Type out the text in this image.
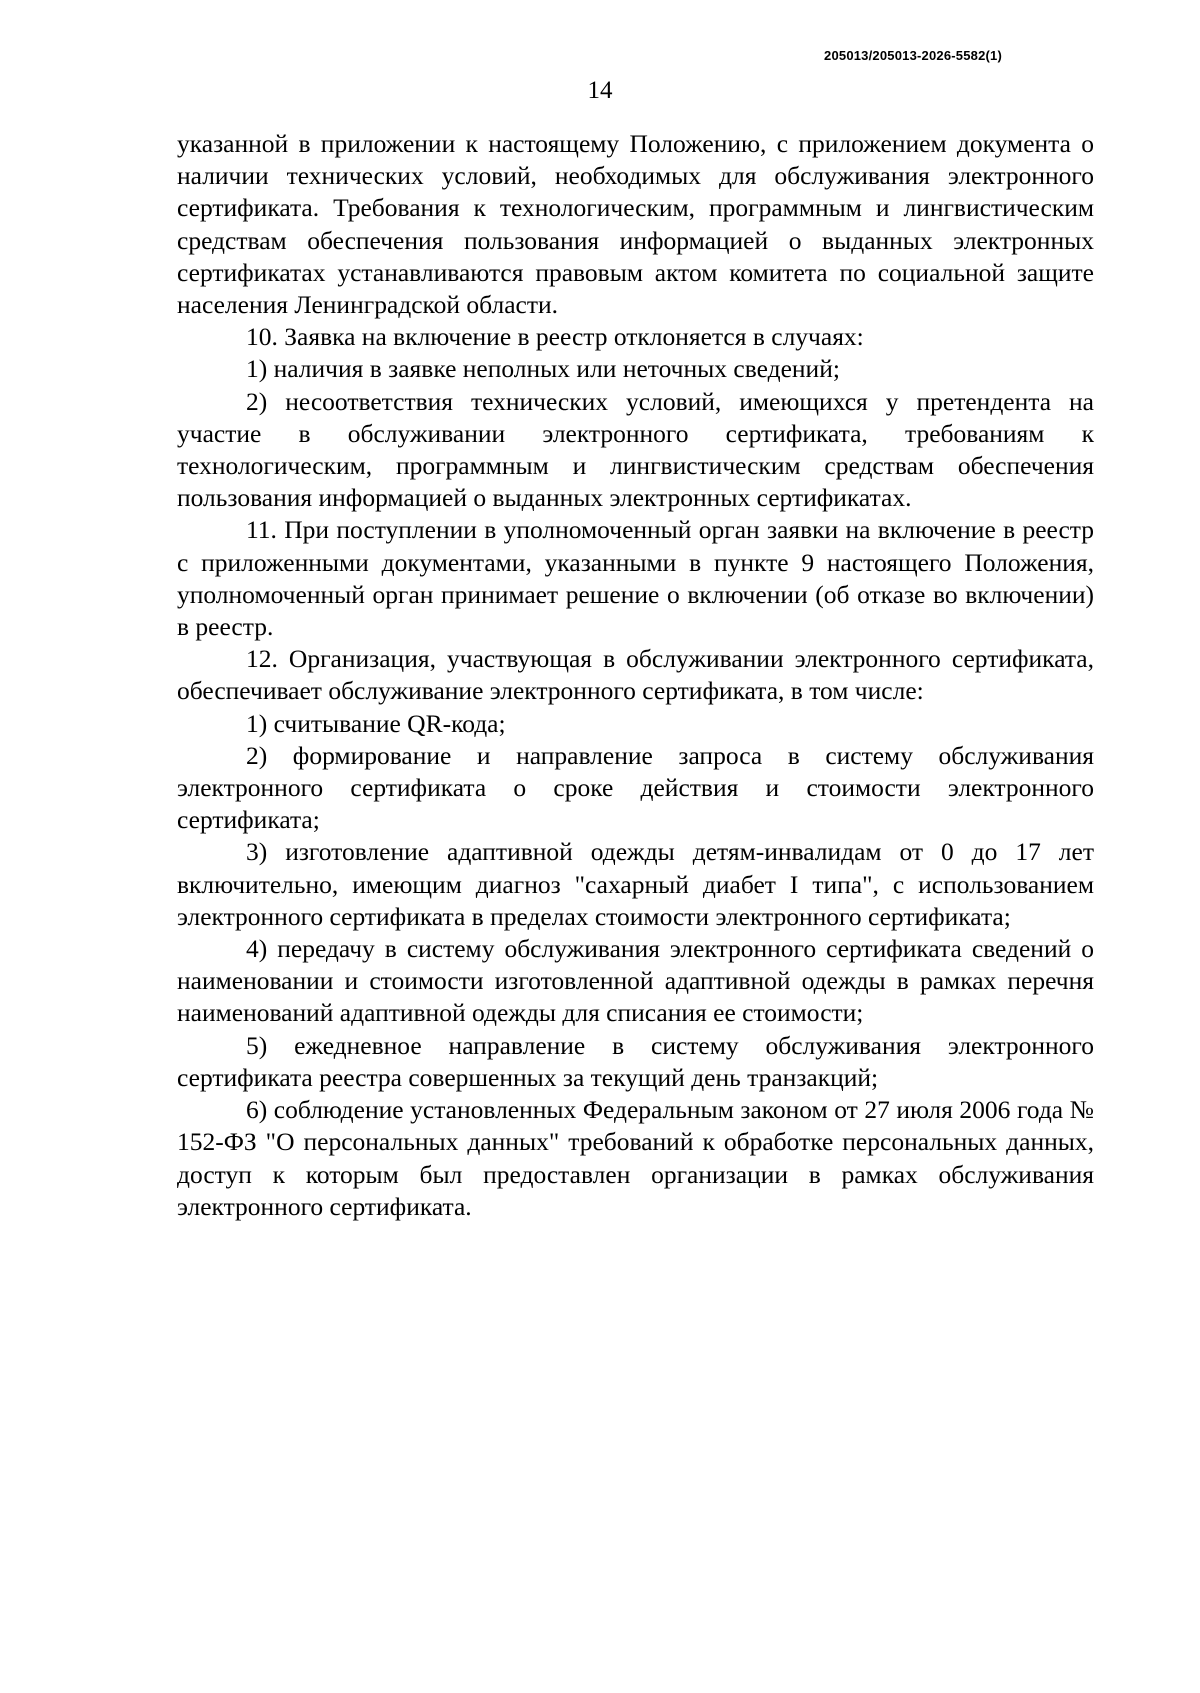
205013/205013-2026-5582(1)
14

указанной в приложении к настоящему Положению, с приложением документа о наличии технических условий, необходимых для обслуживания электронного сертификата. Требования к технологическим, программным и лингвистическим средствам обеспечения пользования информацией о выданных электронных сертификатах устанавливаются правовым актом комитета по социальной защите населения Ленинградской области.

10. Заявка на включение в реестр отклоняется в случаях:

1) наличия в заявке неполных или неточных сведений;

2) несоответствия технических условий, имеющихся у претендента на участие в обслуживании электронного сертификата, требованиям к технологическим, программным и лингвистическим средствам обеспечения пользования информацией о выданных электронных сертификатах.

11. При поступлении в уполномоченный орган заявки на включение в реестр с приложенными документами, указанными в пункте 9 настоящего Положения, уполномоченный орган принимает решение о включении (об отказе во включении) в реестр.

12. Организация, участвующая в обслуживании электронного сертификата, обеспечивает обслуживание электронного сертификата, в том числе:

1) считывание QR-кода;

2) формирование и направление запроса в систему обслуживания электронного сертификата о сроке действия и стоимости электронного сертификата;

3) изготовление адаптивной одежды детям-инвалидам от 0 до 17 лет включительно, имеющим диагноз "сахарный диабет I типа", с использованием электронного сертификата в пределах стоимости электронного сертификата;

4) передачу в систему обслуживания электронного сертификата сведений о наименовании и стоимости изготовленной адаптивной одежды в рамках перечня наименований адаптивной одежды для списания ее стоимости;

5) ежедневное направление в систему обслуживания электронного сертификата реестра совершенных за текущий день транзакций;

6) соблюдение установленных Федеральным законом от 27 июля 2006 года № 152-ФЗ "О персональных данных" требований к обработке персональных данных, доступ к которым был предоставлен организации в рамках обслуживания электронного сертификата.
